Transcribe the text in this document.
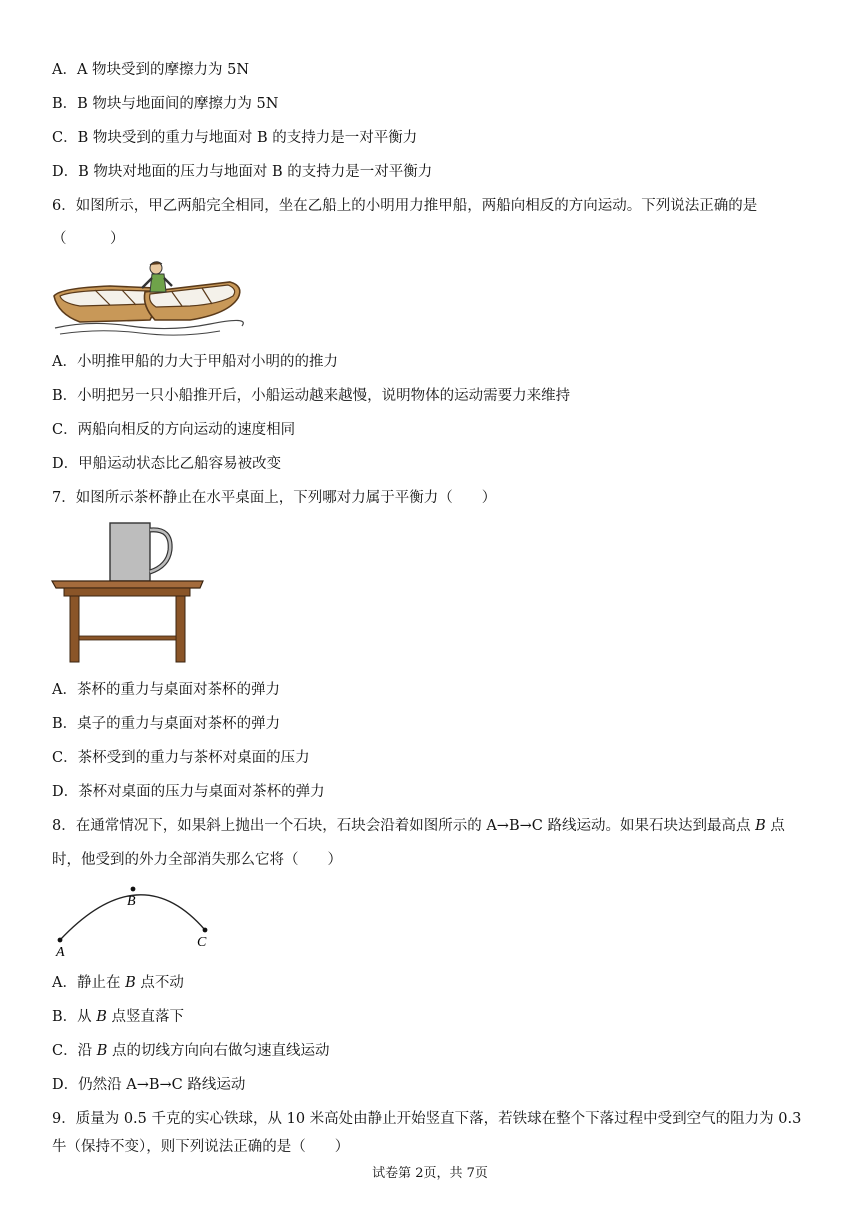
A．A 物块受到的摩擦力为 5N
B．B 物块与地面间的摩擦力为 5N
C．B 物块受到的重力与地面对 B 的支持力是一对平衡力
D．B 物块对地面的压力与地面对 B 的支持力是一对平衡力
6．如图所示，甲乙两船完全相同，坐在乙船上的小明用力推甲船，两船向相反的方向运动。下列说法正确的是
（　　　）
A．小明推甲船的力大于甲船对小明的的推力
B．小明把另一只小船推开后，小船运动越来越慢，说明物体的运动需要力来维持
C．两船向相反的方向运动的速度相同
D．甲船运动状态比乙船容易被改变
7．如图所示茶杯静止在水平桌面上，下列哪对力属于平衡力（　　）
A．茶杯的重力与桌面对茶杯的弹力
B．桌子的重力与桌面对茶杯的弹力
C．茶杯受到的重力与茶杯对桌面的压力
D．茶杯对桌面的压力与桌面对茶杯的弹力
8．在通常情况下，如果斜上抛出一个石块，石块会沿着如图所示的 A→B→C 路线运动。如果石块达到最高点 B 点
时，他受到的外力全部消失那么它将（　　）
A
B
C
A．静止在 B 点不动
B．从 B 点竖直落下
C．沿 B 点的切线方向向右做匀速直线运动
D．仍然沿 A→B→C 路线运动
9．质量为 0.5 千克的实心铁球，从 10 米高处由静止开始竖直下落，若铁球在整个下落过程中受到空气的阻力为 0.3
牛（保持不变），则下列说法正确的是（　　）
试卷第 2页，共 7页
